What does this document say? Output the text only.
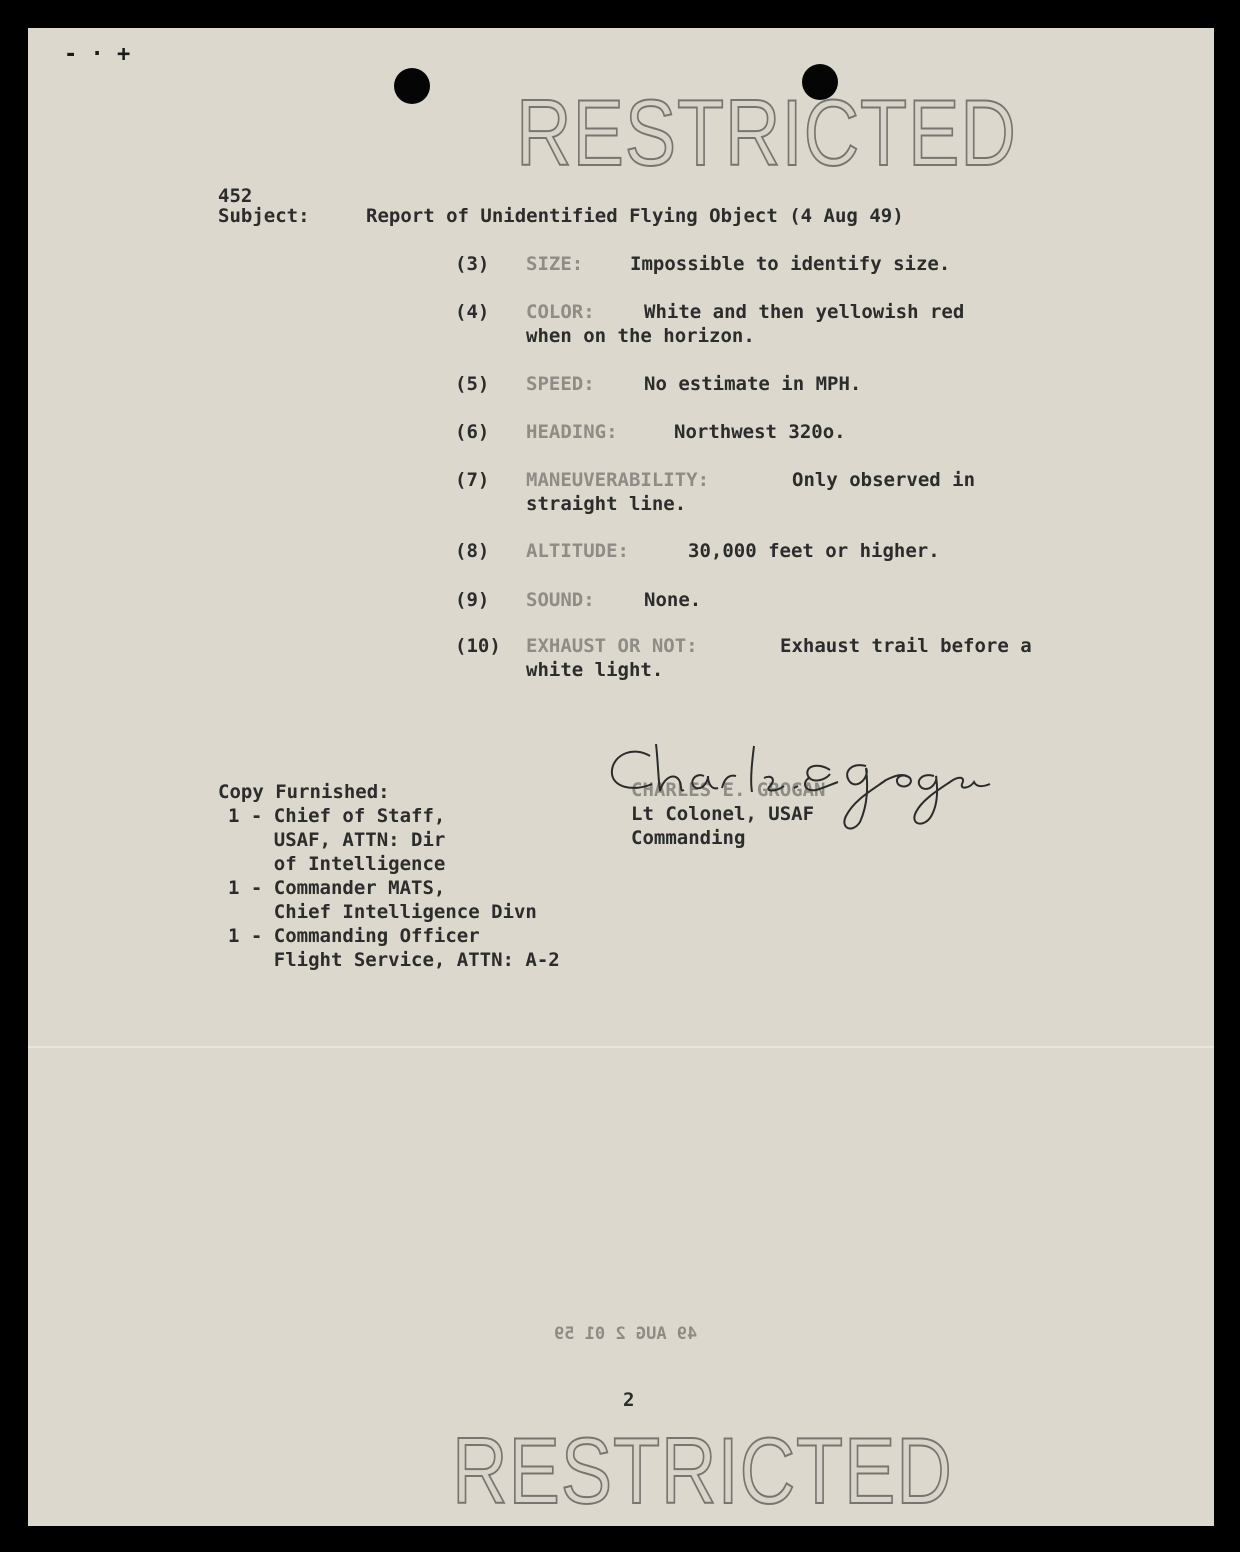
- · +
RESTRICTED
452
Subject:	Report of Unidentified Flying Object (4 Aug 49)
(3) SIZE: Impossible to identify size.
(4) COLOR:	White and then yellowish red
when on the horizon.
(5) SPEED:	No estimate in MPH.
(6) HEADING:	Northwest 320o.
(7) MANEUVERABILITY:	Only observed in
straight line.
(8) ALTITUDE:	30,000 feet or higher.
(9) SOUND:	None.
(10) EXHAUST OR NOT:	Exhaust trail before a
white light.
CHARLES E. GROGAN
Lt Colonel, USAF
Commanding
Copy Furnished:
1 - Chief of Staff,
USAF, ATTN: Dir
of Intelligence
1 - Commander MATS,
Chief Intelligence Divn
1 - Commanding Officer
Flight Service, ATTN: A-2
49 AUG 2 01 59
2
RESTRICTED
